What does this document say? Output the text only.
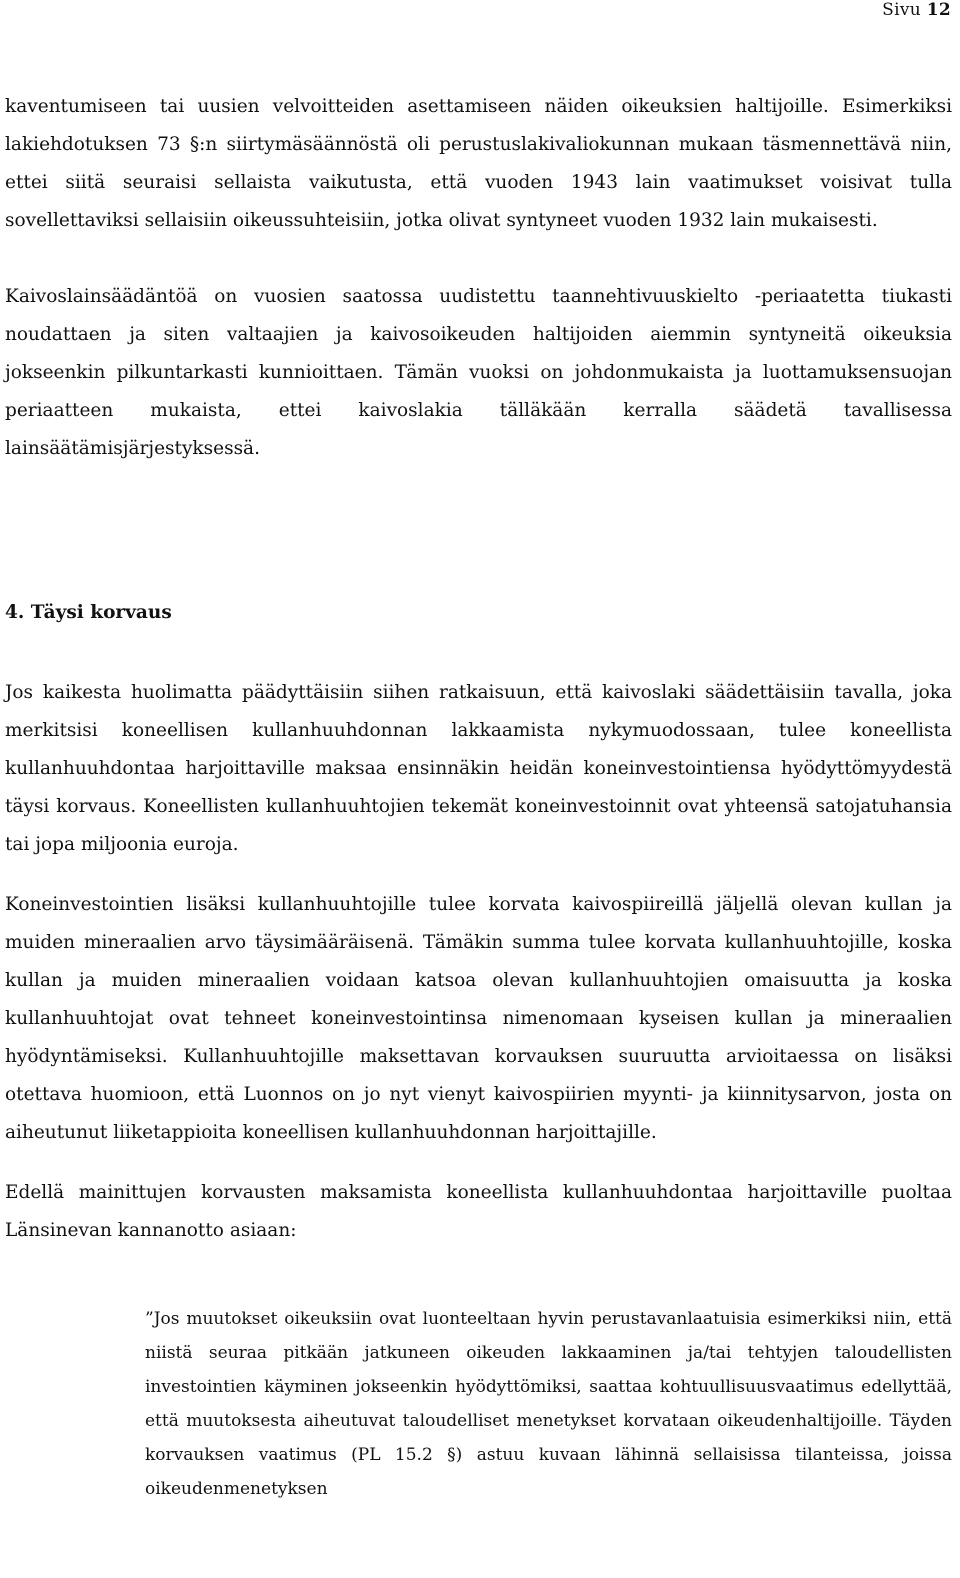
Sivu 12

kaventumiseen tai uusien velvoitteiden asettamiseen näiden oikeuksien haltijoille. Esimerkiksi lakiehdotuksen 73 §:n siirtymäsäännöstä oli perustuslakivaliokunnan mukaan täsmennettävä niin, ettei siitä seuraisi sellaista vaikutusta, että vuoden 1943 lain vaatimukset voisivat tulla sovellettaviksi sellaisiin oikeussuhteisiin, jotka olivat syntyneet vuoden 1932 lain mukaisesti.

Kaivoslainsäädäntöä on vuosien saatossa uudistettu taannehtivuuskielto -periaatetta tiukasti noudattaen ja siten valtaajien ja kaivosoikeuden haltijoiden aiemmin syntyneitä oikeuksia jokseenkin pilkuntarkasti kunnioittaen. Tämän vuoksi on johdonmukaista ja luottamuksensuojan periaatteen mukaista, ettei kaivoslakia tälläkään kerralla säädetä tavallisessa lainsäätämisjärjestyksessä.

4. Täysi korvaus

Jos kaikesta huolimatta päädyttäisiin siihen ratkaisuun, että kaivoslaki säädettäisiin tavalla, joka merkitsisi koneellisen kullanhuuhdonnan lakkaamista nykymuodossaan, tulee koneellista kullanhuuhdontaa harjoittaville maksaa ensinnäkin heidän koneinvestointiensa hyödyttömyydestä täysi korvaus. Koneellisten kullanhuuhtojien tekemät koneinvestoinnit ovat yhteensä satojatuhansia tai jopa miljoonia euroja.

Koneinvestointien lisäksi kullanhuuhtojille tulee korvata kaivospiireillä jäljellä olevan kullan ja muiden mineraalien arvo täysimääräisenä. Tämäkin summa tulee korvata kullanhuuhtojille, koska kullan ja muiden mineraalien voidaan katsoa olevan kullanhuuhtojien omaisuutta ja koska kullanhuuhtojat ovat tehneet koneinvestointinsa nimenomaan kyseisen kullan ja mineraalien hyödyntämiseksi. Kullanhuuhtojille maksettavan korvauksen suuruutta arvioitaessa on lisäksi otettava huomioon, että Luonnos on jo nyt vienyt kaivospiirien myynti- ja kiinnitysarvon, josta on aiheutunut liiketappioita koneellisen kullanhuuhdonnan harjoittajille.

Edellä mainittujen korvausten maksamista koneellista kullanhuuhdontaa harjoittaville puoltaa Länsinevan kannanotto asiaan:

”Jos muutokset oikeuksiin ovat luonteeltaan hyvin perustavanlaatuisia esimerkiksi niin, että niistä seuraa pitkään jatkuneen oikeuden lakkaaminen ja/tai tehtyjen taloudellisten investointien käyminen jokseenkin hyödyttömiksi, saattaa kohtuullisuusvaatimus edellyttää, että muutoksesta aiheutuvat taloudelliset menetykset korvataan oikeudenhaltijoille. Täyden korvauksen vaatimus (PL 15.2 §) astuu kuvaan lähinnä sellaisissa tilanteissa, joissa oikeudenmenetyksen
